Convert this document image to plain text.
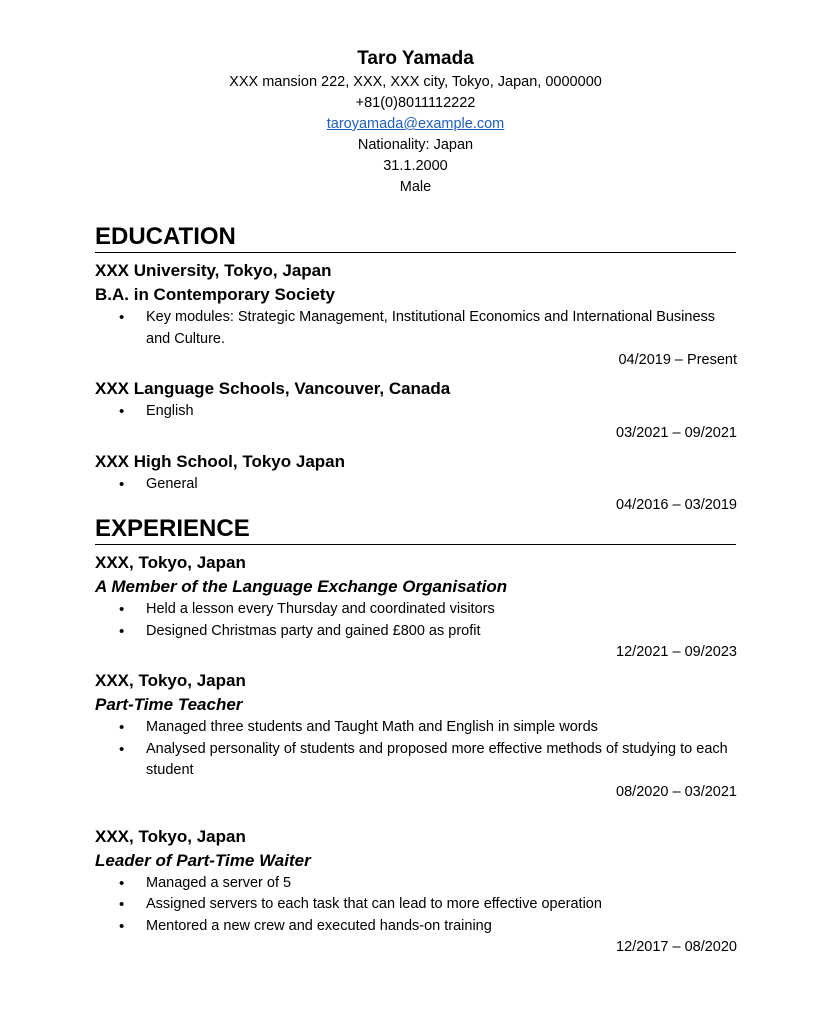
Taro Yamada
XXX mansion 222, XXX, XXX city, Tokyo, Japan, 0000000
+81(0)8011112222
taroyamada@example.com
Nationality: Japan
31.1.2000
Male
EDUCATION
XXX University, Tokyo, Japan
B.A. in Contemporary Society
• Key modules: Strategic Management, Institutional Economics and International Business and Culture.
04/2019 – Present
XXX Language Schools, Vancouver, Canada
• English
03/2021 – 09/2021
XXX High School, Tokyo Japan
• General
04/2016 – 03/2019
EXPERIENCE
XXX, Tokyo, Japan
A Member of the Language Exchange Organisation
• Held a lesson every Thursday and coordinated visitors
• Designed Christmas party and gained £800 as profit
12/2021 – 09/2023
XXX, Tokyo, Japan
Part-Time Teacher
• Managed three students and Taught Math and English in simple words
• Analysed personality of students and proposed more effective methods of studying to each student
08/2020 – 03/2021
XXX, Tokyo, Japan
Leader of Part-Time Waiter
• Managed a server of 5
• Assigned servers to each task that can lead to more effective operation
• Mentored a new crew and executed hands-on training
12/2017 – 08/2020
